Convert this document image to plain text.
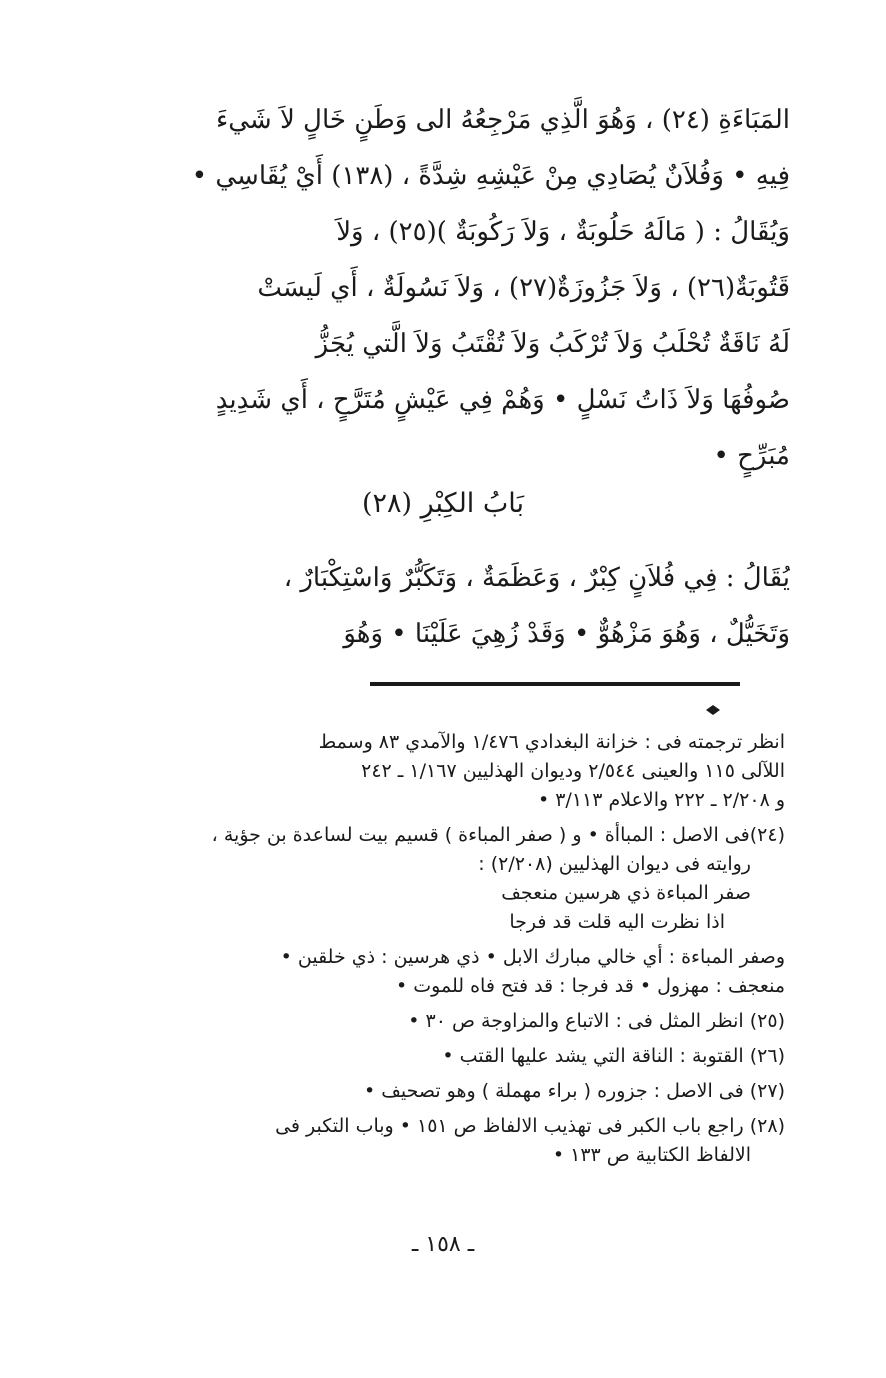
المَبَاءَةِ (٢٤) ، وَهُوَ الَّذِي مَرْجِعُهُ الى وَطَنٍ خَالٍ لاَ شَيءَ
فِيهِ • وَفُلاَنٌ يُصَادِي مِنْ عَيْشِهِ شِدَّةً ، (١٣٨) أَيْ يُقَاسِي •
وَيُقَالُ : ( مَالَهُ حَلُوبَةٌ ، وَلاَ رَكُوبَةٌ )(٢٥) ، وَلاَ
قَتُوبَةٌ(٢٦) ، وَلاَ جَزُوزَةٌ(٢٧) ، وَلاَ نَسُولَةٌ ، أَي لَيسَتْ
لَهُ نَاقَةٌ تُحْلَبُ وَلاَ تُرْكَبُ وَلاَ تُقْتَبُ وَلاَ الَّتي يُجَزُّ
صُوفُهَا وَلاَ ذَاتُ نَسْلٍ • وَهُمْ فِي عَيْشٍ مُتَرَّحٍ ، أَي شَدِيدٍ
مُبَرِّحٍ •
بَابُ الكِبْرِ (٢٨)
يُقَالُ : فِي فُلاَنٍ كِبْرٌ ، وَعَظَمَةٌ ، وَتَكَبُّرٌ وَاسْتِكْبَارٌ ،
وَتَخَيُّلٌ ، وَهُوَ مَزْهُوٌّ • وَقَدْ زُهِيَ عَلَيْنَا • وَهُوَ
انظر ترجمته فى : خزانة البغدادي ١/٤٧٦ والآمدي ٨٣ وسمط
اللآلى ١١٥ والعينى ٢/٥٤٤ وديوان الهذليين ١/١٦٧ ـ ٢٤٢
و ٢/٢٠٨ ـ ٢٢٢ والاعلام ٣/١١٣ •
(٢٤)فى الاصل : المباأة • و ( صفر المباءة ) قسيم بيت لساعدة بن جؤية ،
روايته فى ديوان الهذليين (٢/٢٠٨) :
صفر المباءة ذي هرسين منعجف
اذا نظرت اليه قلت قد فرجا
وصفر المباءة : أي خالي مبارك الابل • ذي هرسين : ذي خلقين •
منعجف : مهزول • قد فرجا : قد فتح فاه للموت •
(٢٥) انظر المثل فى : الاتباع والمزاوجة ص ٣٠ •
(٢٦) القتوبة : الناقة التي يشد عليها القتب •
(٢٧) فى الاصل : جزوره ( براء مهملة ) وهو تصحيف •
(٢٨) راجع باب الكبر فى تهذيب الالفاظ ص ١٥١ • وباب التكبر فى
الالفاظ الكتابية ص ١٣٣ •
ـ ١٥٨ ـ
